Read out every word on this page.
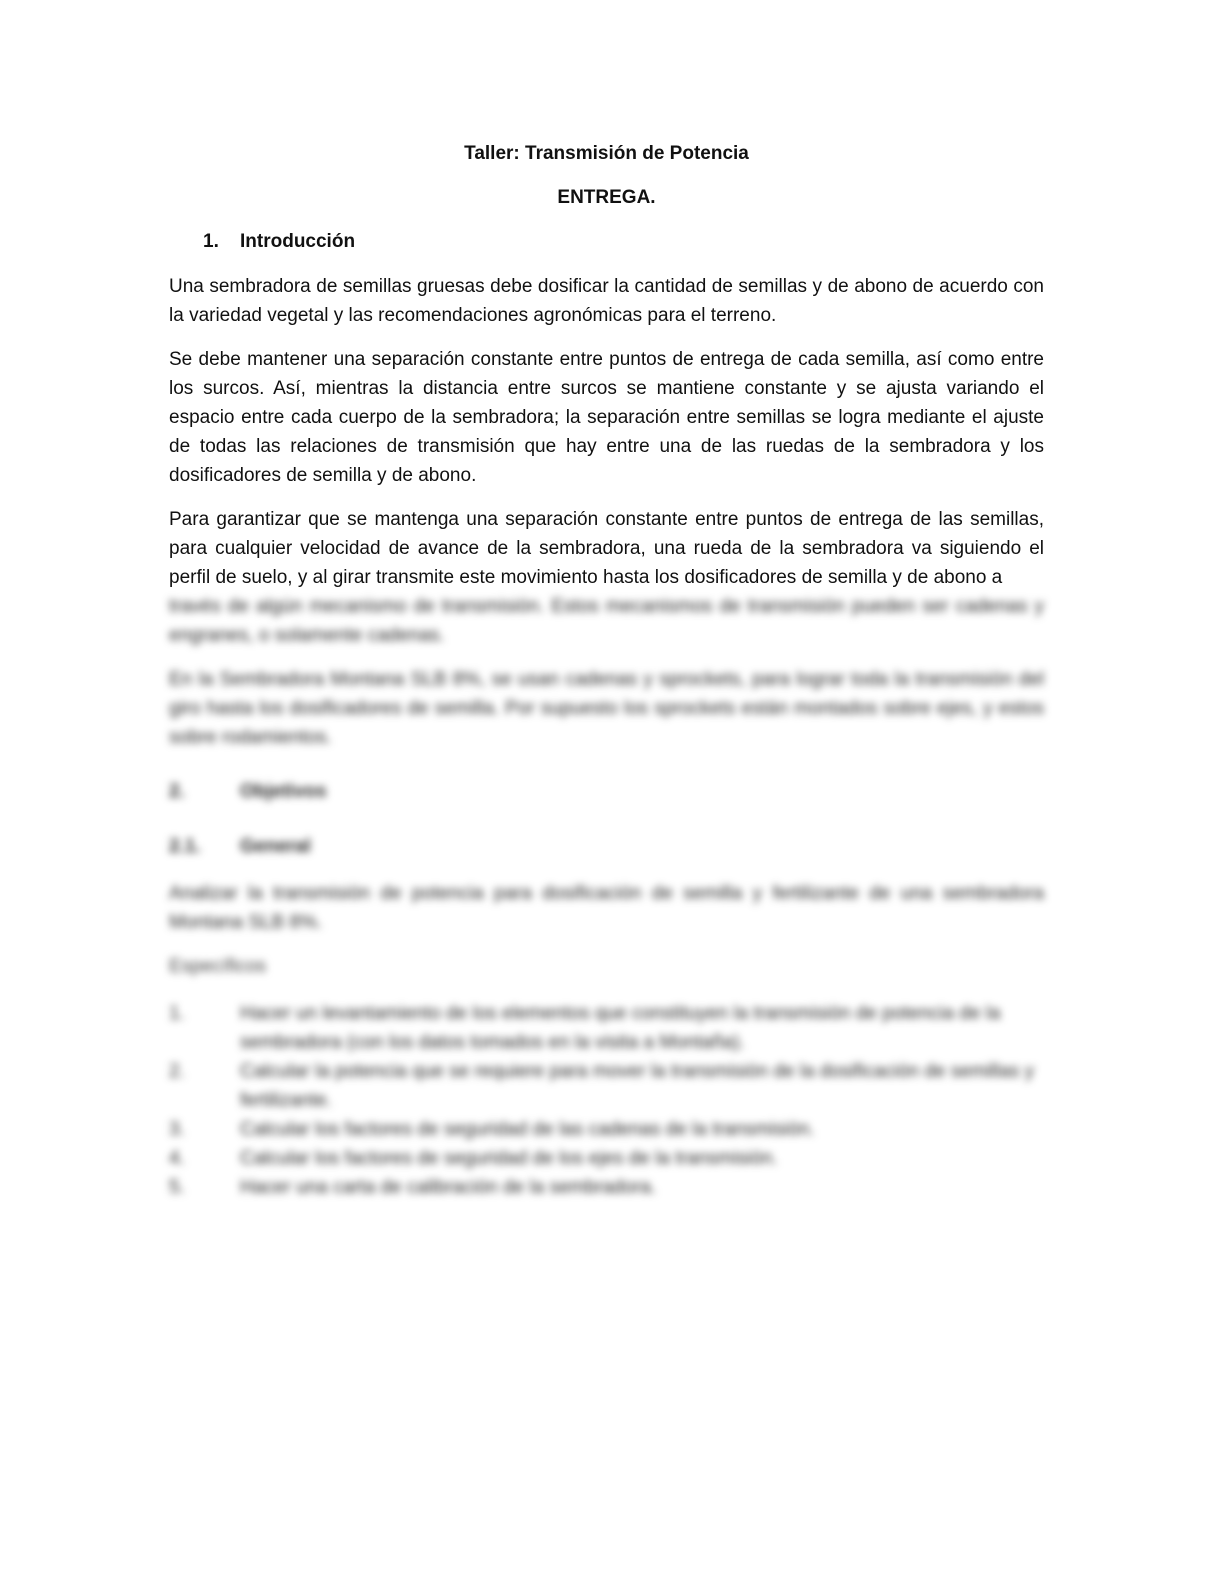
Taller: Transmisión de Potencia
ENTREGA.
1.	Introducción

Una sembradora de semillas gruesas debe dosificar la cantidad de semillas y de abono de acuerdo con la variedad vegetal y las recomendaciones agronómicas para el terreno.

Se debe mantener una separación constante entre puntos de entrega de cada semilla, así como entre los surcos. Así, mientras la distancia entre surcos se mantiene constante y se ajusta variando el espacio entre cada cuerpo de la sembradora; la separación entre semillas se logra mediante el ajuste de todas las relaciones de transmisión que hay entre una de las ruedas de la sembradora y los dosificadores de semilla y de abono.

Para garantizar que se mantenga una separación constante entre puntos de entrega de las semillas, para cualquier velocidad de avance de la sembradora, una rueda de la sembradora va siguiendo el perfil de suelo, y al girar transmite este movimiento hasta los dosificadores de semilla y de abono a

través de algún mecanismo de transmisión. Estos mecanismos de transmisión pueden ser cadenas y engranes, o solamente cadenas.

En la Sembradora Montana SLB 8%, se usan cadenas y sprockets, para lograr toda la transmisión del giro hasta los dosificadores de semilla. Por supuesto los sprockets están montados sobre ejes, y estos sobre rodamientos.

2.	Objetivos
2.1.	General

Analizar la transmisión de potencia para dosificación de semilla y fertilizante de una sembradora Montana SLB 8%.

Específicos
1.	Hacer un levantamiento de los elementos que constituyen la transmisión de potencia de la sembradora (con los datos tomados en la visita a Montaña).
2.	Calcular la potencia que se requiere para mover la transmisión de la dosificación de semillas y fertilizante.
3.	Calcular los factores de seguridad de las cadenas de la transmisión.
4.	Calcular los factores de seguridad de los ejes de la transmisión.
5.	Hacer una carta de calibración de la sembradora.
